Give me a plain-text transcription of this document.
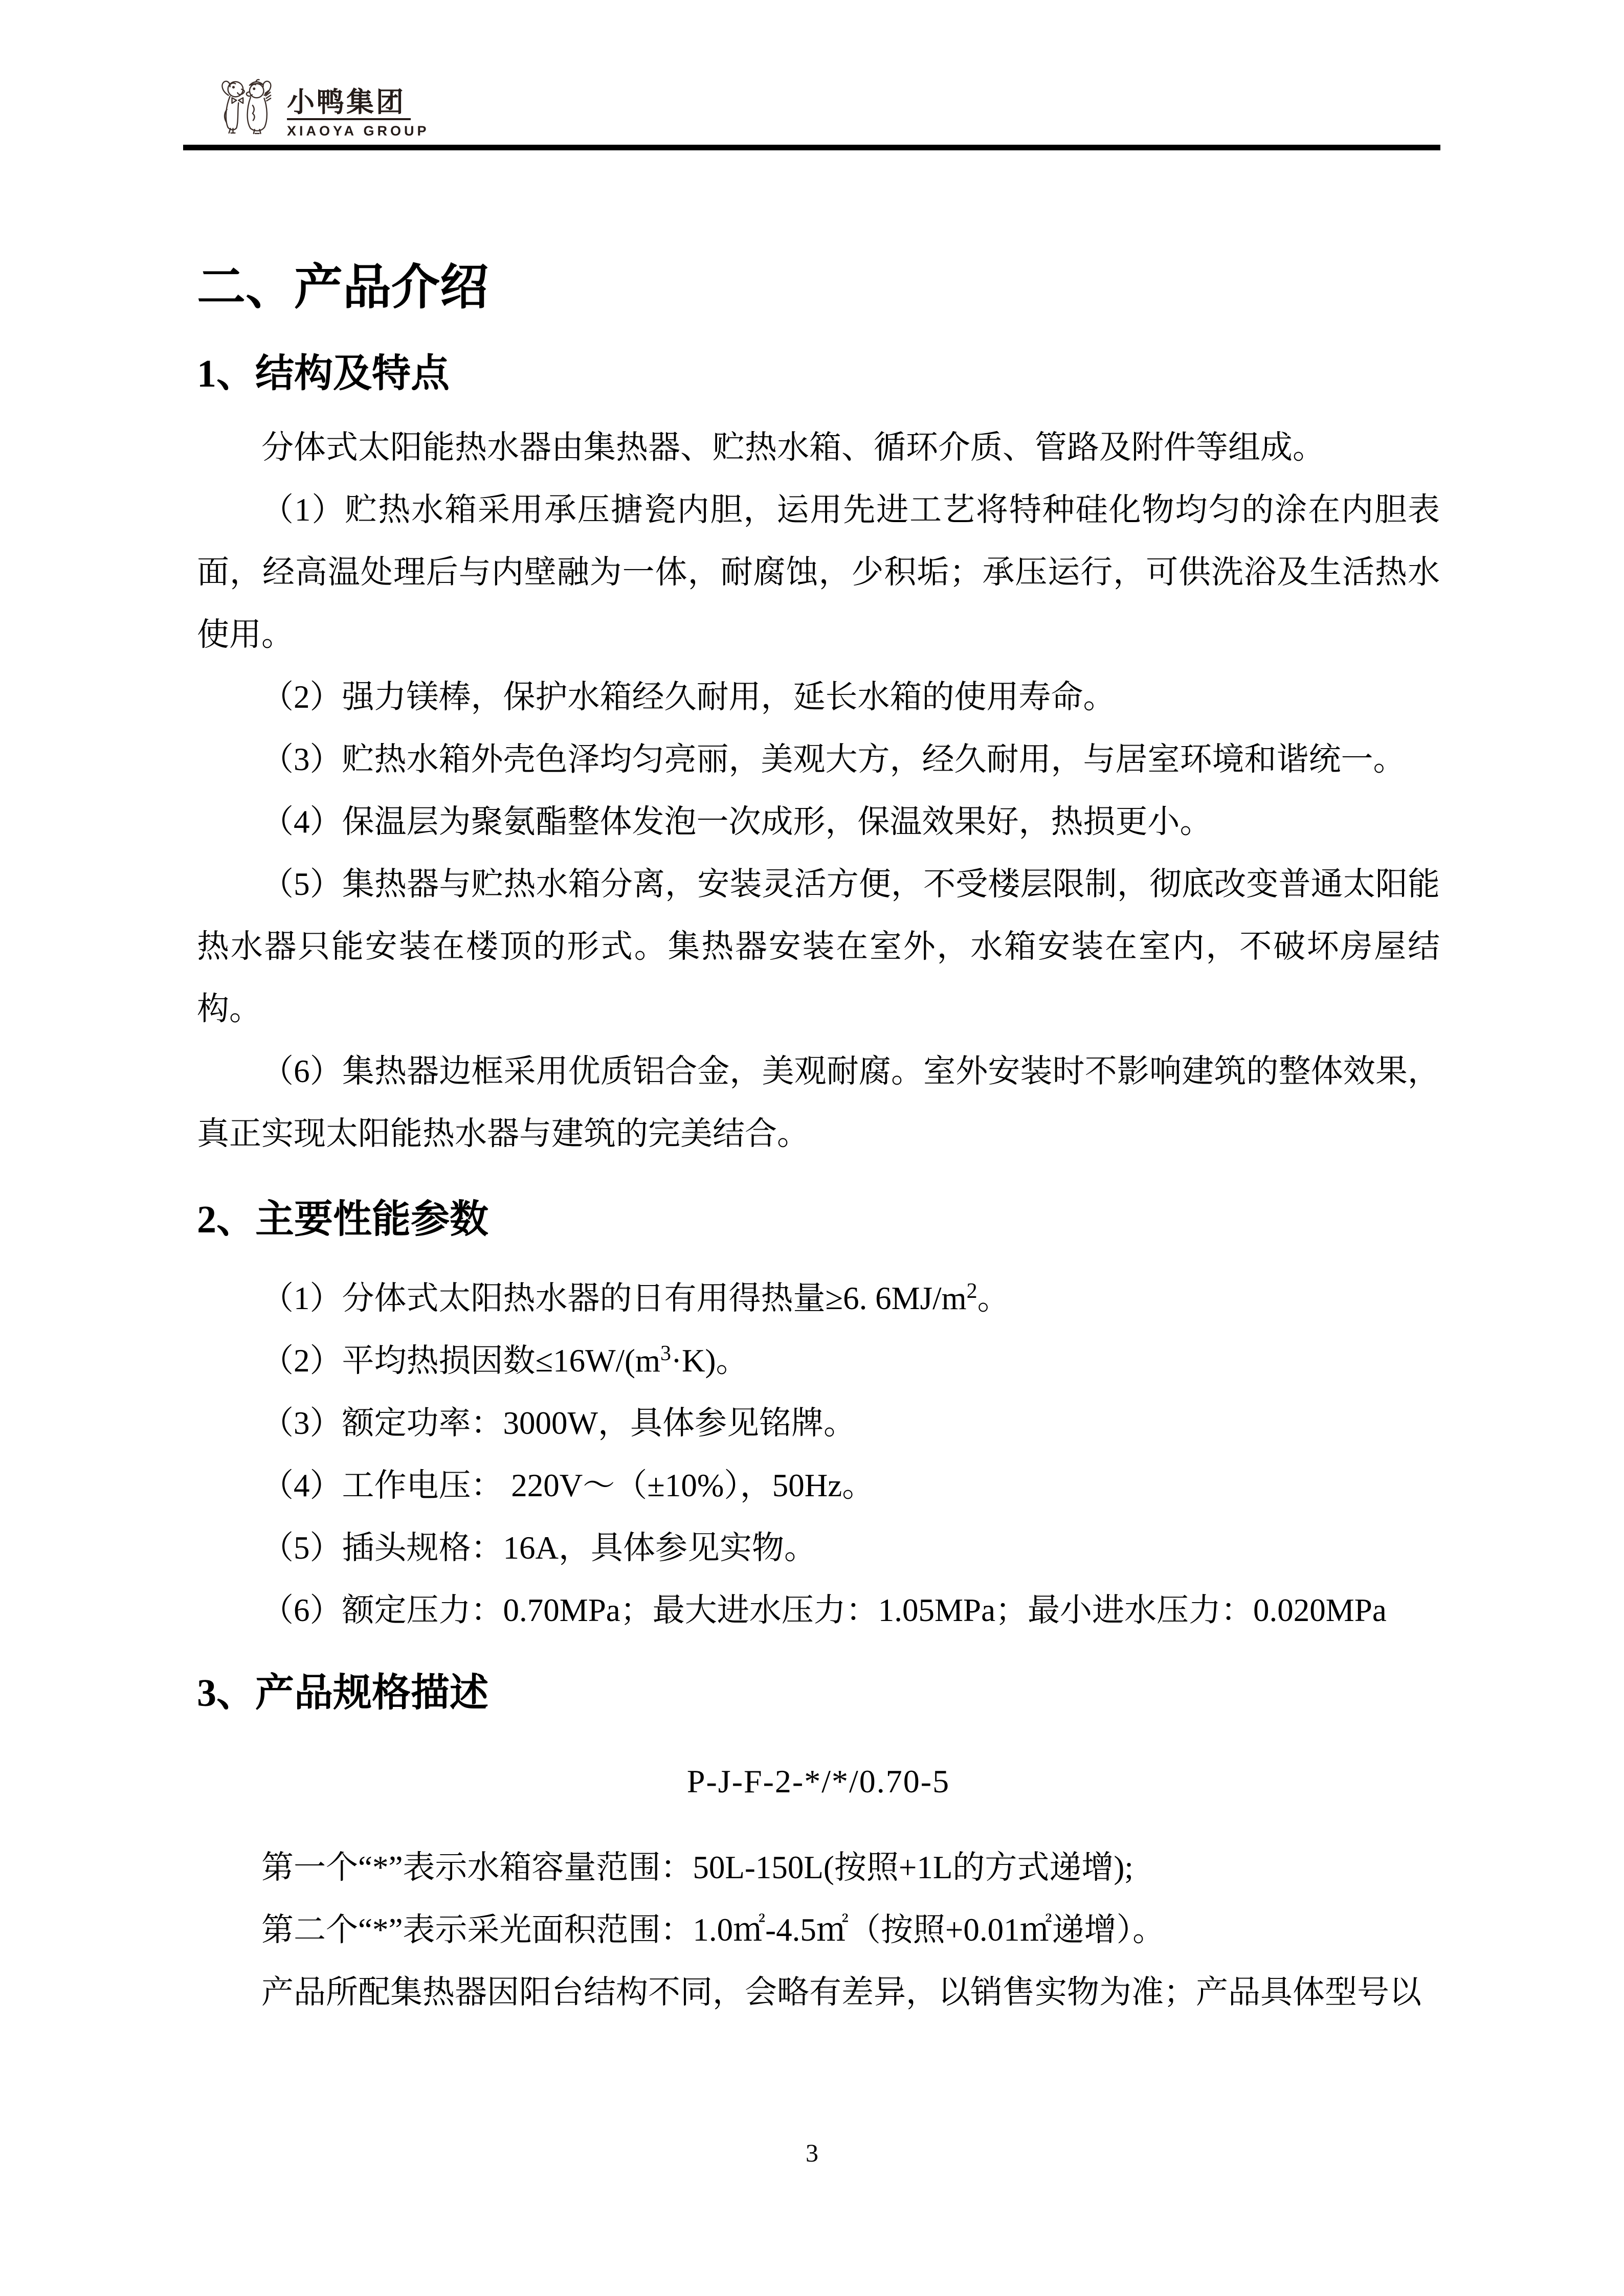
小鸭集团
XIAOYA GROUP
二、产品介绍
1、结构及特点

分体式太阳能热水器由集热器、贮热水箱、循环介质、管路及附件等组成。

（1）贮热水箱采用承压搪瓷内胆，运用先进工艺将特种硅化物均匀的涂在内胆表面，经高温处理后与内壁融为一体，耐腐蚀，少积垢；承压运行，可供洗浴及生活热水使用。

（2）强力镁棒，保护水箱经久耐用，延长水箱的使用寿命。

（3）贮热水箱外壳色泽均匀亮丽，美观大方，经久耐用，与居室环境和谐统一。

（4）保温层为聚氨酯整体发泡一次成形，保温效果好，热损更小。

（5）集热器与贮热水箱分离，安装灵活方便，不受楼层限制，彻底改变普通太阳能热水器只能安装在楼顶的形式。集热器安装在室外，水箱安装在室内，不破坏房屋结构。

（6）集热器边框采用优质铝合金，美观耐腐。室外安装时不影响建筑的整体效果，真正实现太阳能热水器与建筑的完美结合。

2、主要性能参数

（1）分体式太阳热水器的日有用得热量≥6. $6MJ/m^2$。

（2）平均热损因数$\le 16W/(m^3\cdot K)$。

（3）额定功率：3000W，具体参见铭牌。

（4）工作电压： 220V～（±10%），50Hz。

（5）插头规格：16A，具体参见实物。

（6）额定压力：0.70MPa；最大进水压力：1.05MPa；最小进水压力：0.020MPa

3、产品规格描述

P-J-F-2-*/*/0.70-5

第一个“*”表示水箱容量范围：50L-150L(按照+1L的方式递增);

第二个“*”表示采光面积范围：1.0㎡-4.5㎡（按照+0.01㎡递增）。

产品所配集热器因阳台结构不同，会略有差异，以销售实物为准；产品具体型号以

3
